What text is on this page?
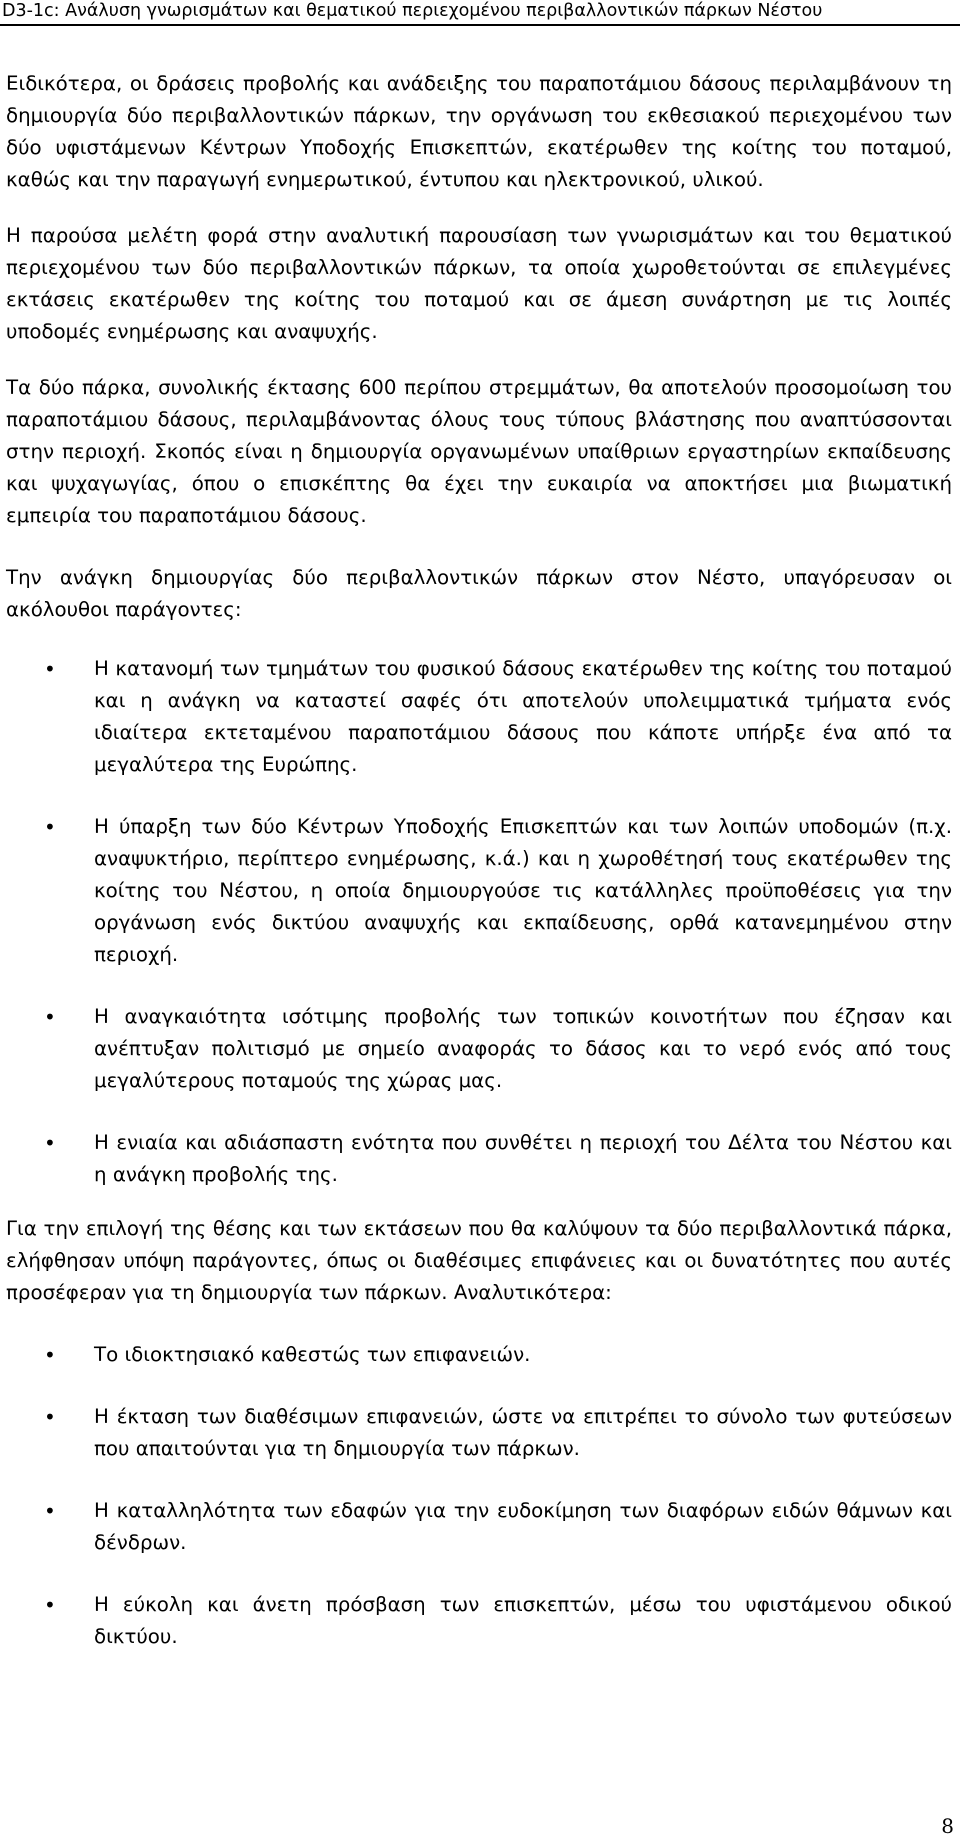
D3-1c: Ανάλυση γνωρισμάτων και θεματικού περιεχομένου περιβαλλοντικών πάρκων Νέστου

Ειδικότερα, οι δράσεις προβολής και ανάδειξης του παραποτάμιου δάσους περιλαμβάνουν τη δημιουργία δύο περιβαλλοντικών πάρκων, την οργάνωση του εκθεσιακού περιεχομένου των δύο υφιστάμενων Κέντρων Υποδοχής Επισκεπτών, εκατέρωθεν της κοίτης του ποταμού, καθώς και την παραγωγή ενημερωτικού, έντυπου και ηλεκτρονικού, υλικού.

Η παρούσα μελέτη φορά στην αναλυτική παρουσίαση των γνωρισμάτων και του θεματικού περιεχομένου των δύο περιβαλλοντικών πάρκων, τα οποία χωροθετούνται σε επιλεγμένες εκτάσεις εκατέρωθεν της κοίτης του ποταμού και σε άμεση συνάρτηση με τις λοιπές υποδομές ενημέρωσης και αναψυχής.

Τα δύο πάρκα, συνολικής έκτασης 600 περίπου στρεμμάτων, θα αποτελούν προσομοίωση του παραποτάμιου δάσους, περιλαμβάνοντας όλους τους τύπους βλάστησης που αναπτύσσονται στην περιοχή. Σκοπός είναι η δημιουργία οργανωμένων υπαίθριων εργαστηρίων εκπαίδευσης και ψυχαγωγίας, όπου ο επισκέπτης θα έχει την ευκαιρία να αποκτήσει μια βιωματική εμπειρία του παραποτάμιου δάσους.

Την ανάγκη δημιουργίας δύο περιβαλλοντικών πάρκων στον Νέστο, υπαγόρευσαν οι ακόλουθοι παράγοντες:

• Η κατανομή των τμημάτων του φυσικού δάσους εκατέρωθεν της κοίτης του ποταμού και η ανάγκη να καταστεί σαφές ότι αποτελούν υπολειμματικά τμήματα ενός ιδιαίτερα εκτεταμένου παραποτάμιου δάσους που κάποτε υπήρξε ένα από τα μεγαλύτερα της Ευρώπης.
• Η ύπαρξη των δύο Κέντρων Υποδοχής Επισκεπτών και των λοιπών υποδομών (π.χ. αναψυκτήριο, περίπτερο ενημέρωσης, κ.ά.) και η χωροθέτησή τους εκατέρωθεν της κοίτης του Νέστου, η οποία δημιουργούσε τις κατάλληλες προϋποθέσεις για την οργάνωση ενός δικτύου αναψυχής και εκπαίδευσης, ορθά κατανεμημένου στην περιοχή.
• Η αναγκαιότητα ισότιμης προβολής των τοπικών κοινοτήτων που έζησαν και ανέπτυξαν πολιτισμό με σημείο αναφοράς το δάσος και το νερό ενός από τους μεγαλύτερους ποταμούς της χώρας μας.
• Η ενιαία και αδιάσπαστη ενότητα που συνθέτει η περιοχή του Δέλτα του Νέστου και η ανάγκη προβολής της.

Για την επιλογή της θέσης και των εκτάσεων που θα καλύψουν τα δύο περιβαλλοντικά πάρκα, ελήφθησαν υπόψη παράγοντες, όπως οι διαθέσιμες επιφάνειες και οι δυνατότητες που αυτές προσέφεραν για τη δημιουργία των πάρκων. Αναλυτικότερα:

• Το ιδιοκτησιακό καθεστώς των επιφανειών.
• Η έκταση των διαθέσιμων επιφανειών, ώστε να επιτρέπει το σύνολο των φυτεύσεων που απαιτούνται για τη δημιουργία των πάρκων.
• Η καταλληλότητα των εδαφών για την ευδοκίμηση των διαφόρων ειδών θάμνων και δένδρων.
• Η εύκολη και άνετη πρόσβαση των επισκεπτών, μέσω του υφιστάμενου οδικού δικτύου.
8
